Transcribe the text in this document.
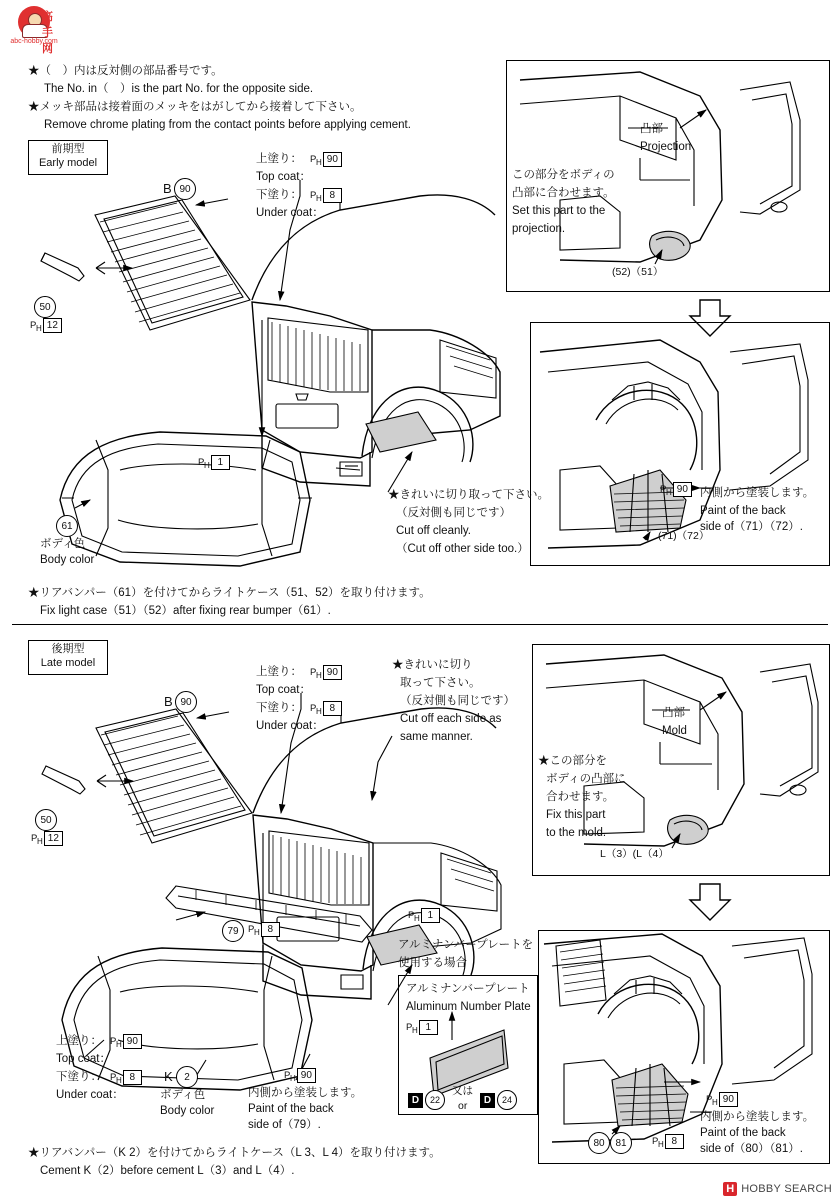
高手网
abc-hobby.com
H HOBBY SEARCH
★（　）内は反対側の部品番号です。
The No. in（　）is the part No. for the opposite side.
★メッキ部品は接着面のメッキをはがしてから接着して下さい。
Remove chrome plating from the contact points before applying cement.
前期型
Early model	上塗り： P H 90
Top coat：
下塗り： P H 8
Under coat：
B 90
50
P H 12
P H 1
61
ボディ色
Body color
★きれいに切り取って下さい。
（反対側も同じです）
Cut off cleanly.
（Cut off other side too.）
★リアバンパー（61）を付けてからライトケース（51、52）を取り付けます。
Fix light case（51）（52）after fixing rear bumper（61）.
凸部
Projection
この部分をボディの
凸部に合わせます。
Set this part to the
projection.
(52)（51）
内側から塗装します。
Paint of the back
side of（71）（72）.
P H 90
(71)（72）
後期型
Late model
上塗り： P H 90
Top coat：
下塗り： P H 8
Under coat：
B 90
50
P H 12
★きれいに切り
取って下さい。
（反対側も同じです）
Cut off each side as
same manner.
79 P H 8
P H 1
上塗り： P H 90
Top coat：
下塗り： P H 8
Under coat：
K	2
ボディ色
Body color
P H 90
内側から塗装します。
Paint of the back
side of（79）.
アルミナンバープレートを
使用する場合
アルミナンバープレート
Aluminum Number Plate
P H 1
D	22
又は
or	D	24
★リアバンパー（K 2）を付けてからライトケース（L 3、L 4）を取り付けます。
Cement K（2）before cement L（3）and L（4）.
凸部
Mold
★この部分を
ボディの凸部に
合わせます。
Fix this part
to the mold.
L（3）(L（4）
P H 90
内側から塗装します。
Paint of the back
side of（80）（81）.
80	81	P H 8
